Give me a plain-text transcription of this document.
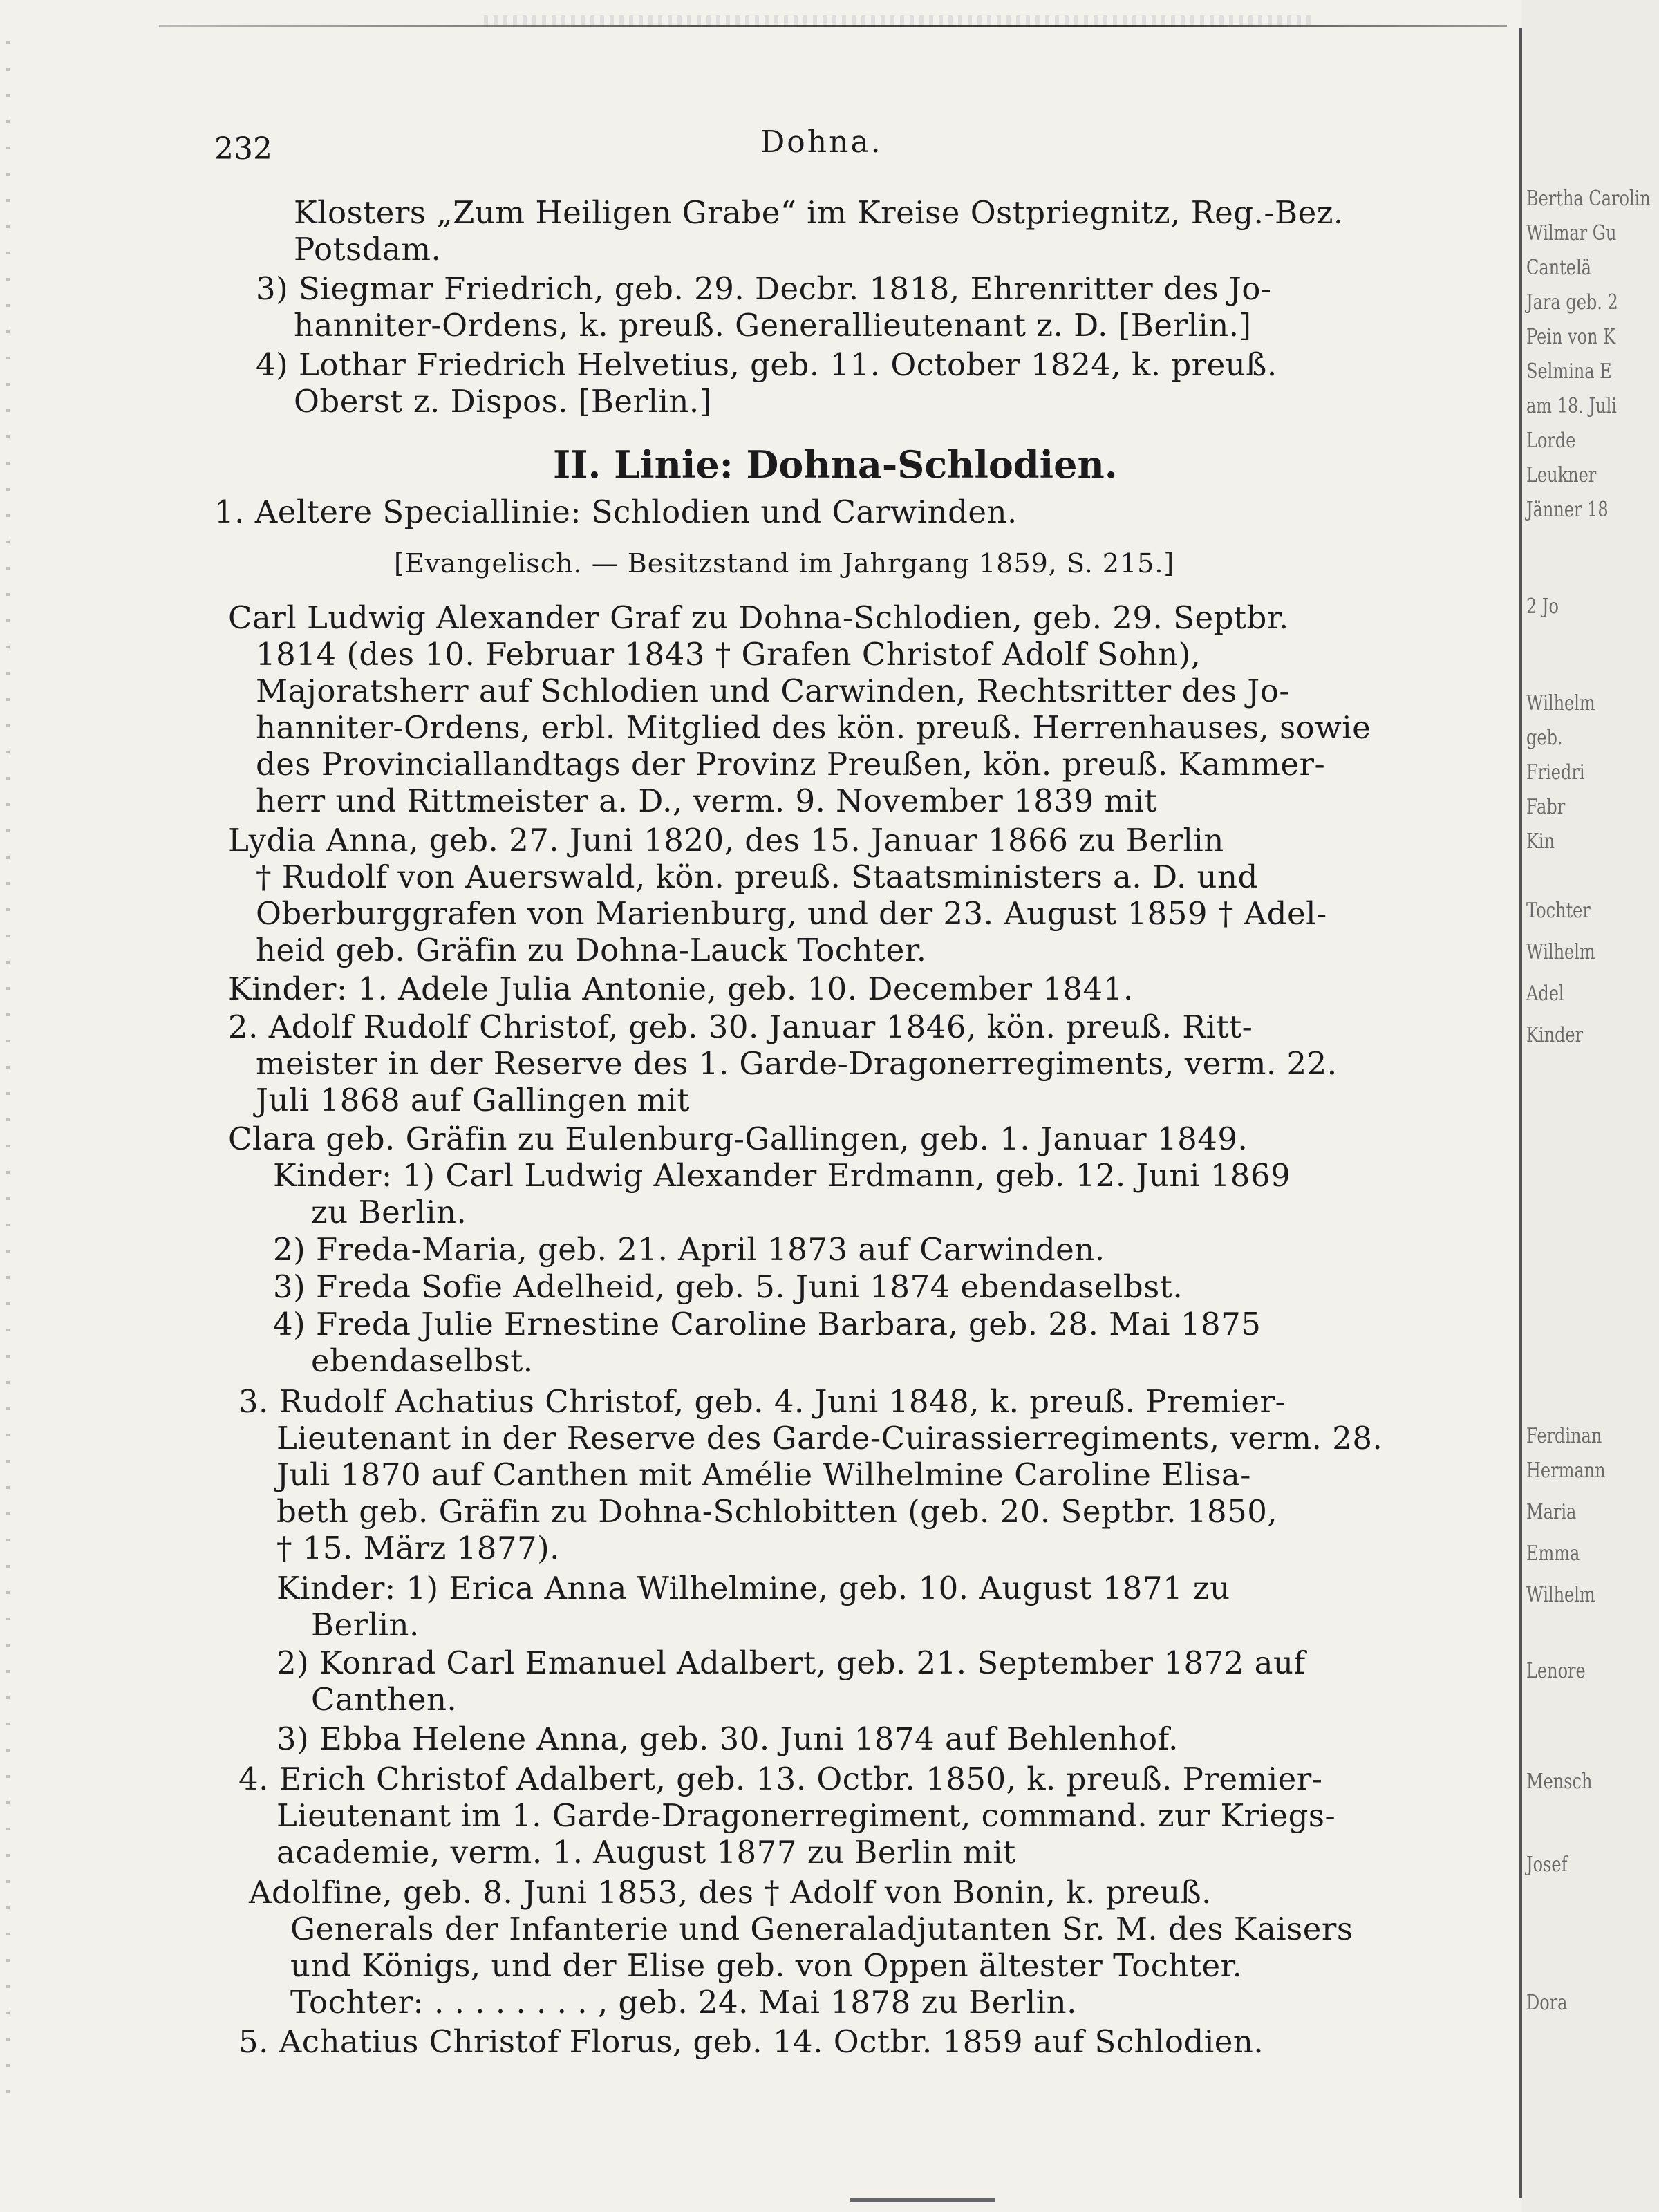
232	Dohna.
Klosters „Zum Heiligen Grabe“ im Kreise Ostpriegnitz, Reg.-Bez.
Potsdam.
3) Siegmar Friedrich, geb. 29. Decbr. 1818, Ehrenritter des Jo-
hanniter-Ordens, k. preuß. Generallieutenant z. D. [Berlin.]
4) Lothar Friedrich Helvetius, geb. 11. October 1824, k. preuß.
Oberst z. Dispos. [Berlin.]
II. Linie: Dohna-Schlodien.
1. Aeltere Speciallinie: Schlodien und Carwinden.
[Evangelisch. — Besitzstand im Jahrgang 1859, S. 215.]
Carl Ludwig Alexander Graf zu Dohna-Schlodien, geb. 29. Septbr.
1814 (des 10. Februar 1843 † Grafen Christof Adolf Sohn),
Majoratsherr auf Schlodien und Carwinden, Rechtsritter des Jo-
hanniter-Ordens, erbl. Mitglied des kön. preuß. Herrenhauses, sowie
des Provinciallandtags der Provinz Preußen, kön. preuß. Kammer-
herr und Rittmeister a. D., verm. 9. November 1839 mit
Lydia Anna, geb. 27. Juni 1820, des 15. Januar 1866 zu Berlin
† Rudolf von Auerswald, kön. preuß. Staatsministers a. D. und
Oberburggrafen von Marienburg, und der 23. August 1859 † Adel-
heid geb. Gräfin zu Dohna-Lauck Tochter.
Kinder: 1. Adele Julia Antonie, geb. 10. December 1841.
2. Adolf Rudolf Christof, geb. 30. Januar 1846, kön. preuß. Ritt-
meister in der Reserve des 1. Garde-Dragonerregiments, verm. 22.
Juli 1868 auf Gallingen mit
Clara geb. Gräfin zu Eulenburg-Gallingen, geb. 1. Januar 1849.
Kinder: 1) Carl Ludwig Alexander Erdmann, geb. 12. Juni 1869
zu Berlin.
2) Freda-Maria, geb. 21. April 1873 auf Carwinden.
3) Freda Sofie Adelheid, geb. 5. Juni 1874 ebendaselbst.
4) Freda Julie Ernestine Caroline Barbara, geb. 28. Mai 1875
ebendaselbst.
3. Rudolf Achatius Christof, geb. 4. Juni 1848, k. preuß. Premier-
Lieutenant in der Reserve des Garde-Cuirassierregiments, verm. 28.
Juli 1870 auf Canthen mit Amélie Wilhelmine Caroline Elisa-
beth geb. Gräfin zu Dohna-Schlobitten (geb. 20. Septbr. 1850,
† 15. März 1877).
Kinder: 1) Erica Anna Wilhelmine, geb. 10. August 1871 zu
Berlin.
2) Konrad Carl Emanuel Adalbert, geb. 21. September 1872 auf
Canthen.
3) Ebba Helene Anna, geb. 30. Juni 1874 auf Behlenhof.
4. Erich Christof Adalbert, geb. 13. Octbr. 1850, k. preuß. Premier-
Lieutenant im 1. Garde-Dragonerregiment, command. zur Kriegs-
academie, verm. 1. August 1877 zu Berlin mit
Adolfine, geb. 8. Juni 1853, des † Adolf von Bonin, k. preuß.
Generals der Infanterie und Generaladjutanten Sr. M. des Kaisers
und Königs, und der Elise geb. von Oppen ältester Tochter.
Tochter: . . . . . . . . , geb. 24. Mai 1878 zu Berlin.
5. Achatius Christof Florus, geb. 14. Octbr. 1859 auf Schlodien.
Bertha Carolin
Wilmar Gu
Cantelä
Jara geb. 2
Pein von K
Selmina E
am 18. Juli
Lorde
Leukner
Jänner 18
2 Jo
Wilhelm
geb.
Friedri
Fabr
Kin
Tochter
Wilhelm
Adel
Kinder
Ferdinan
Hermann
Maria
Emma
Wilhelm
Lenore
Mensch
Josef
Dora
